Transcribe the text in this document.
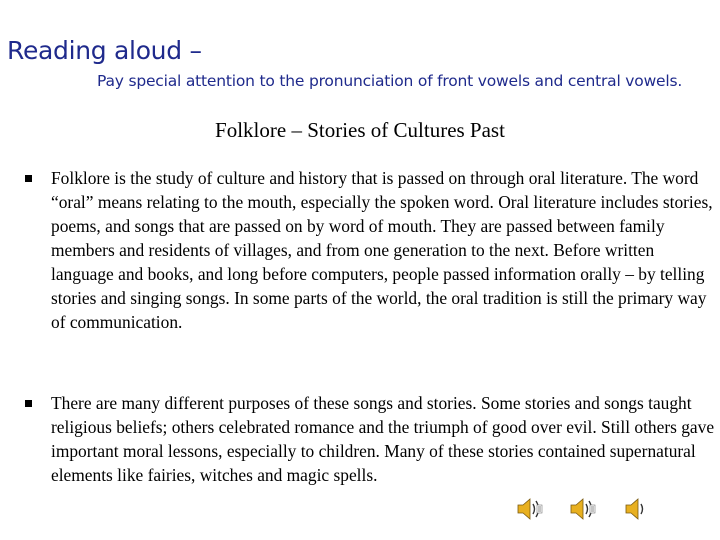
Reading aloud –
Pay special attention to the pronunciation of front vowels and central vowels.
Folklore – Stories of Cultures Past

Folklore is the study of culture and history that is passed on through oral literature. The word “oral” means relating to the mouth, especially the spoken word. Oral literature includes stories, poems, and songs that are passed on by word of mouth. They are passed between family members and residents of villages, and from one generation to the next. Before written language and books, and long before computers, people passed information orally – by telling stories and singing songs. In some parts of the world, the oral tradition is still the primary way of communication.

There are many different purposes of these songs and stories. Some stories and songs taught religious beliefs; others celebrated romance and the triumph of good over evil. Still others gave important moral lessons, especially to children. Many of these stories contained supernatural elements like fairies, witches and magic spells.
